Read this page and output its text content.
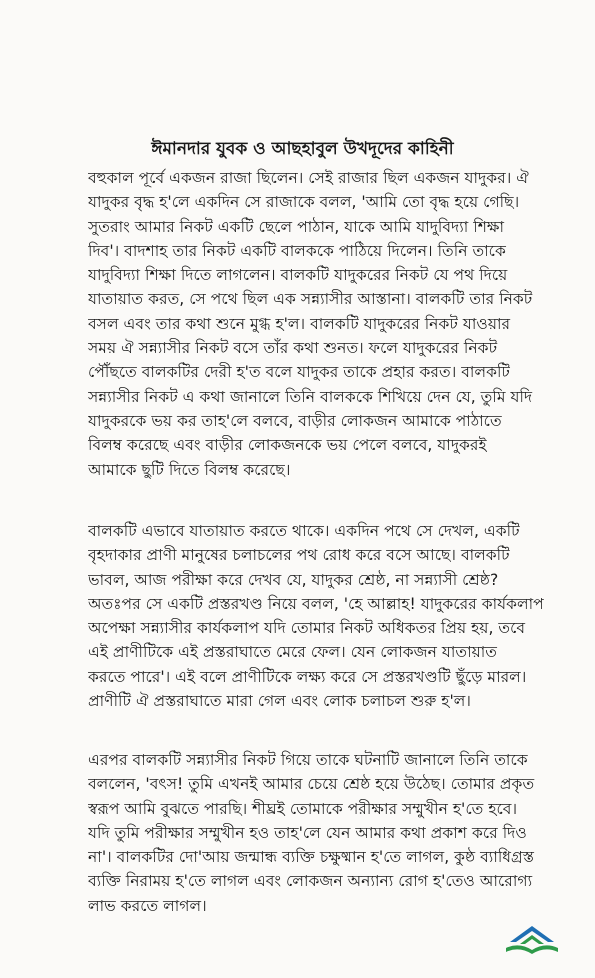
ঈমানদার যুবক ও আছহাবুল উখদূদের কাহিনী
বহুকাল পূর্বে একজন রাজা ছিলেন। সেই রাজার ছিল একজন যাদুকর। ঐ
যাদুকর বৃদ্ধ হ'লে একদিন সে রাজাকে বলল, 'আমি তো বৃদ্ধ হয়ে গেছি।
সুতরাং আমার নিকট একটি ছেলে পাঠান, যাকে আমি যাদুবিদ্যা শিক্ষা
দিব'। বাদশাহ তার নিকট একটি বালককে পাঠিয়ে দিলেন। তিনি তাকে
যাদুবিদ্যা শিক্ষা দিতে লাগলেন। বালকটি যাদুকরের নিকট যে পথ দিয়ে
যাতায়াত করত, সে পথে ছিল এক সন্ন্যাসীর আস্তানা। বালকটি তার নিকট
বসল এবং তার কথা শুনে মুগ্ধ হ'ল। বালকটি যাদুকরের নিকট যাওয়ার
সময় ঐ সন্ন্যাসীর নিকট বসে তাঁর কথা শুনত। ফলে যাদুকরের নিকট
পৌঁছতে বালকটির দেরী হ'ত বলে যাদুকর তাকে প্রহার করত। বালকটি
সন্ন্যাসীর নিকট এ কথা জানালে তিনি বালককে শিখিয়ে দেন যে, তুমি যদি
যাদুকরকে ভয় কর তাহ'লে বলবে, বাড়ীর লোকজন আমাকে পাঠাতে
বিলম্ব করেছে এবং বাড়ীর লোকজনকে ভয় পেলে বলবে, যাদুকরই
আমাকে ছুটি দিতে বিলম্ব করেছে।
বালকটি এভাবে যাতায়াত করতে থাকে। একদিন পথে সে দেখল, একটি
বৃহদাকার প্রাণী মানুষের চলাচলের পথ রোধ করে বসে আছে। বালকটি
ভাবল, আজ পরীক্ষা করে দেখব যে, যাদুকর শ্রেষ্ঠ, না সন্ন্যাসী শ্রেষ্ঠ?
অতঃপর সে একটি প্রস্তরখণ্ড নিয়ে বলল, 'হে আল্লাহ! যাদুকরের কার্যকলাপ
অপেক্ষা সন্ন্যাসীর কার্যকলাপ যদি তোমার নিকট অধিকতর প্রিয় হয়, তবে
এই প্রাণীটিকে এই প্রস্তরাঘাতে মেরে ফেল। যেন লোকজন যাতায়াত
করতে পারে'। এই বলে প্রাণীটিকে লক্ষ্য করে সে প্রস্তরখণ্ডটি ছুঁড়ে মারল।
প্রাণীটি ঐ প্রস্তরাঘাতে মারা গেল এবং লোক চলাচল শুরু হ'ল।
এরপর বালকটি সন্ন্যাসীর নিকট গিয়ে তাকে ঘটনাটি জানালে তিনি তাকে
বললেন, 'বৎস! তুমি এখনই আমার চেয়ে শ্রেষ্ঠ হয়ে উঠেছ। তোমার প্রকৃত
স্বরূপ আমি বুঝতে পারছি। শীঘ্রই তোমাকে পরীক্ষার সম্মুখীন হ'তে হবে।
যদি তুমি পরীক্ষার সম্মুখীন হও তাহ'লে যেন আমার কথা প্রকাশ করে দিও
না'। বালকটির দো'আয় জন্মান্ধ ব্যক্তি চক্ষুষ্মান হ'তে লাগল, কুষ্ঠ ব্যাধিগ্রস্ত
ব্যক্তি নিরাময় হ'তে লাগল এবং লোকজন অন্যান্য রোগ হ'তেও আরোগ্য
লাভ করতে লাগল।
